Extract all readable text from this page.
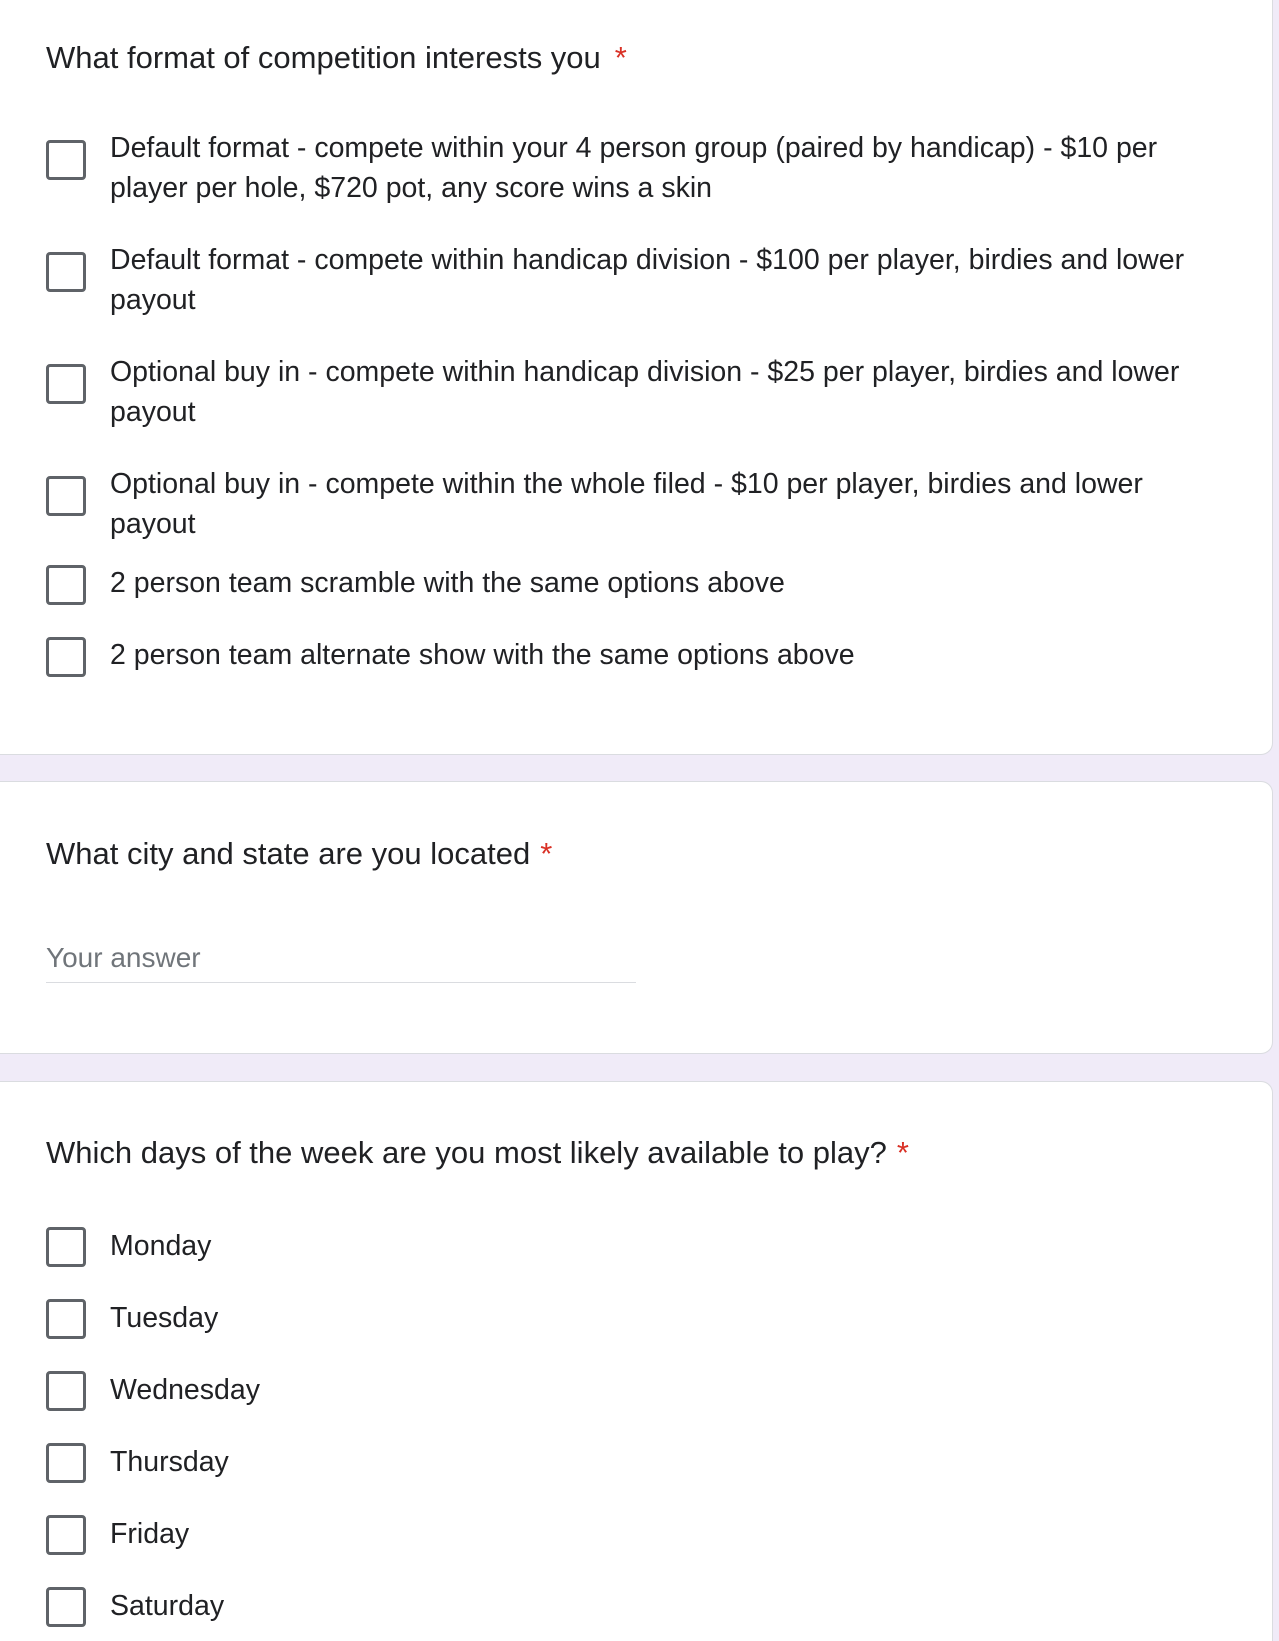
What format of competition interests you *
Default format - compete within your 4 person group (paired by handicap) - $10 per player per hole, $720 pot, any score wins a skin
Default format - compete within handicap division - $100 per player, birdies and lower payout
Optional buy in - compete within handicap division - $25 per player, birdies and lower payout
Optional buy in - compete within the whole filed - $10 per player, birdies and lower payout
2 person team scramble with the same options above
2 person team alternate show with the same options above
What city and state are you located *
Your answer
Which days of the week are you most likely available to play? *
Monday
Tuesday
Wednesday
Thursday
Friday
Saturday
